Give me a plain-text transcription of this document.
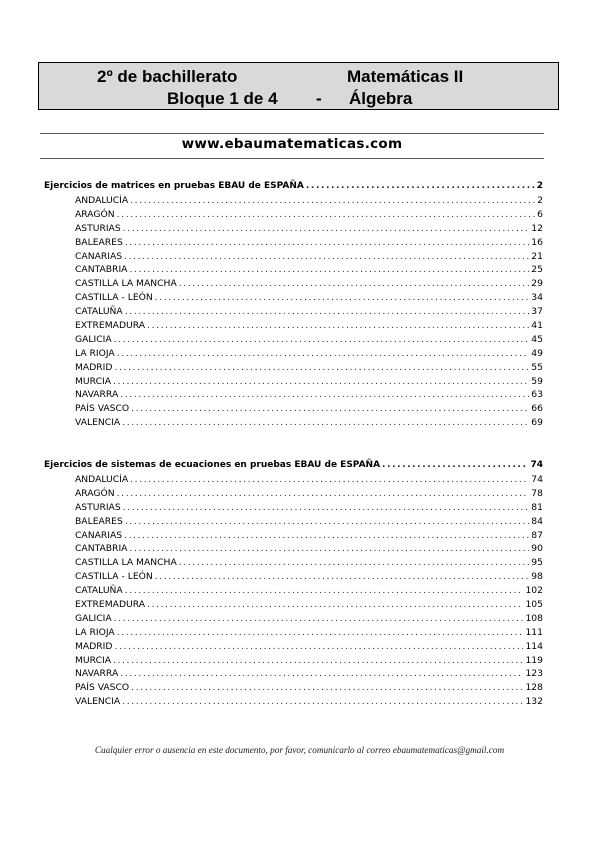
2º de bachillerato	Matemáticas II
Bloque 1 de 4 - Álgebra
www.ebaumatematicas.com
Ejercicios de matrices en pruebas EBAU de ESPAÑA .....	2
ANDALUCÍA .....	2
ARAGÓN .....	6
ASTURIAS .....	12
BALEARES .....	16
CANARIAS .....	21
CANTABRIA .....	25
CASTILLA LA MANCHA .....	29
CASTILLA - LEÓN .....	34
CATALUÑA .....	37
EXTREMADURA .....	41
GALICIA .....	45
LA RIOJA .....	49
MADRID .....	55
MURCIA .....	59
NAVARRA .....	63
PAÍS VASCO .....	66
VALENCIA .....	69
Ejercicios de sistemas de ecuaciones en pruebas EBAU de ESPAÑA .....	74
ANDALUCÍA .....	74
ARAGÓN .....	78
ASTURIAS .....	81
BALEARES .....	84
CANARIAS .....	87
CANTABRIA .....	90
CASTILLA LA MANCHA .....	95
CASTILLA - LEÓN .....	98
CATALUÑA .....	102
EXTREMADURA .....	105
GALICIA .....	108
LA RIOJA .....	111
MADRID .....	114
MURCIA .....	119
NAVARRA .....	123
PAÍS VASCO .....	128
VALENCIA .....	132
Cualquier error o ausencia en este documento, por favor, comunicarlo al correo ebaumatematicas@gmail.com
